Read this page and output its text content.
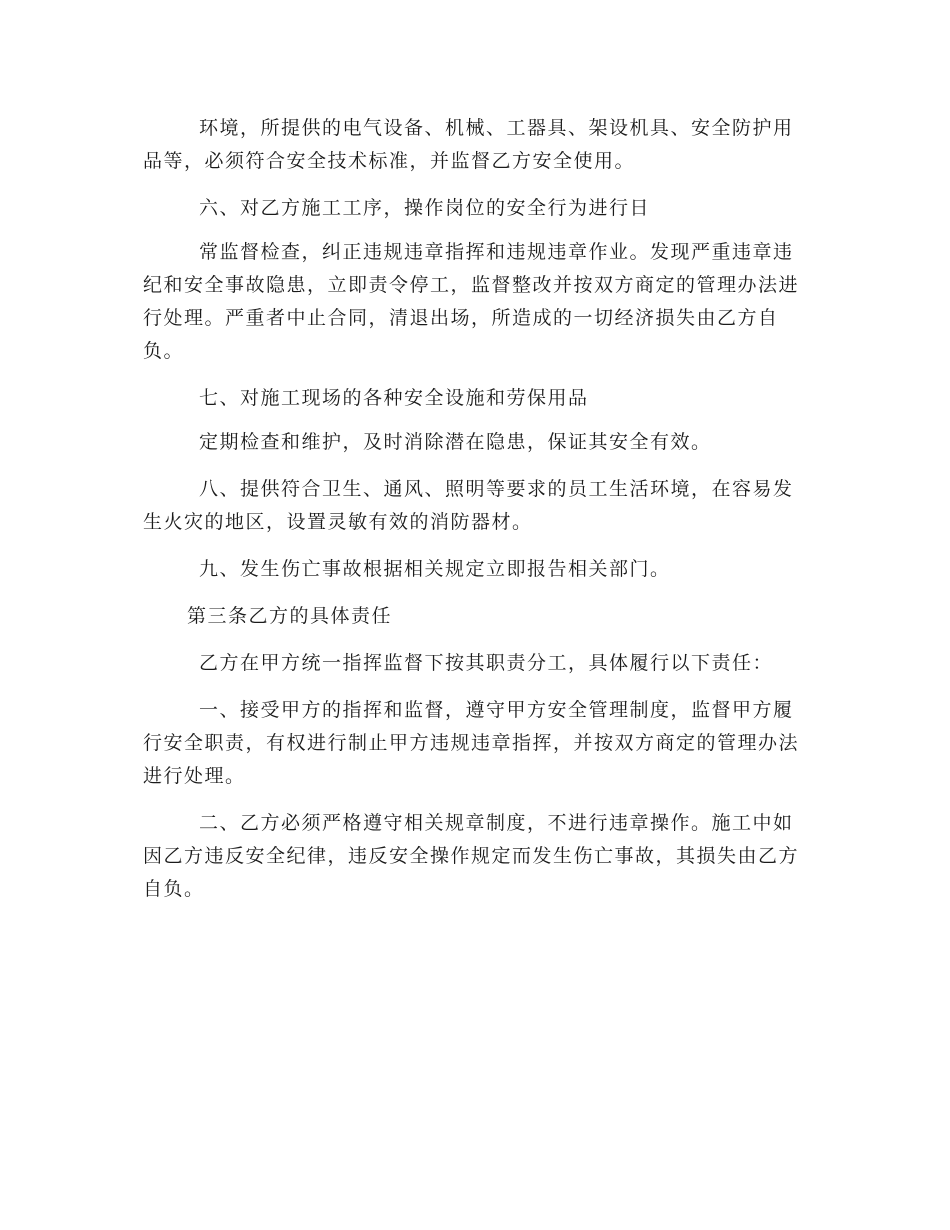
环境，所提供的电气设备、机械、工器具、架设机具、安全防护用品等，必须符合安全技术标准，并监督乙方安全使用。

六、对乙方施工工序，操作岗位的安全行为进行日

常监督检查，纠正违规违章指挥和违规违章作业。发现严重违章违纪和安全事故隐患，立即责令停工，监督整改并按双方商定的管理办法进行处理。严重者中止合同，清退出场，所造成的一切经济损失由乙方自负。

七、对施工现场的各种安全设施和劳保用品

定期检查和维护，及时消除潜在隐患，保证其安全有效。

八、提供符合卫生、通风、照明等要求的员工生活环境，在容易发生火灾的地区，设置灵敏有效的消防器材。

九、发生伤亡事故根据相关规定立即报告相关部门。

第三条乙方的具体责任

乙方在甲方统一指挥监督下按其职责分工，具体履行以下责任：

一、接受甲方的指挥和监督，遵守甲方安全管理制度，监督甲方履行安全职责，有权进行制止甲方违规违章指挥，并按双方商定的管理办法进行处理。

二、乙方必须严格遵守相关规章制度，不进行违章操作。施工中如因乙方违反安全纪律，违反安全操作规定而发生伤亡事故，其损失由乙方自负。
